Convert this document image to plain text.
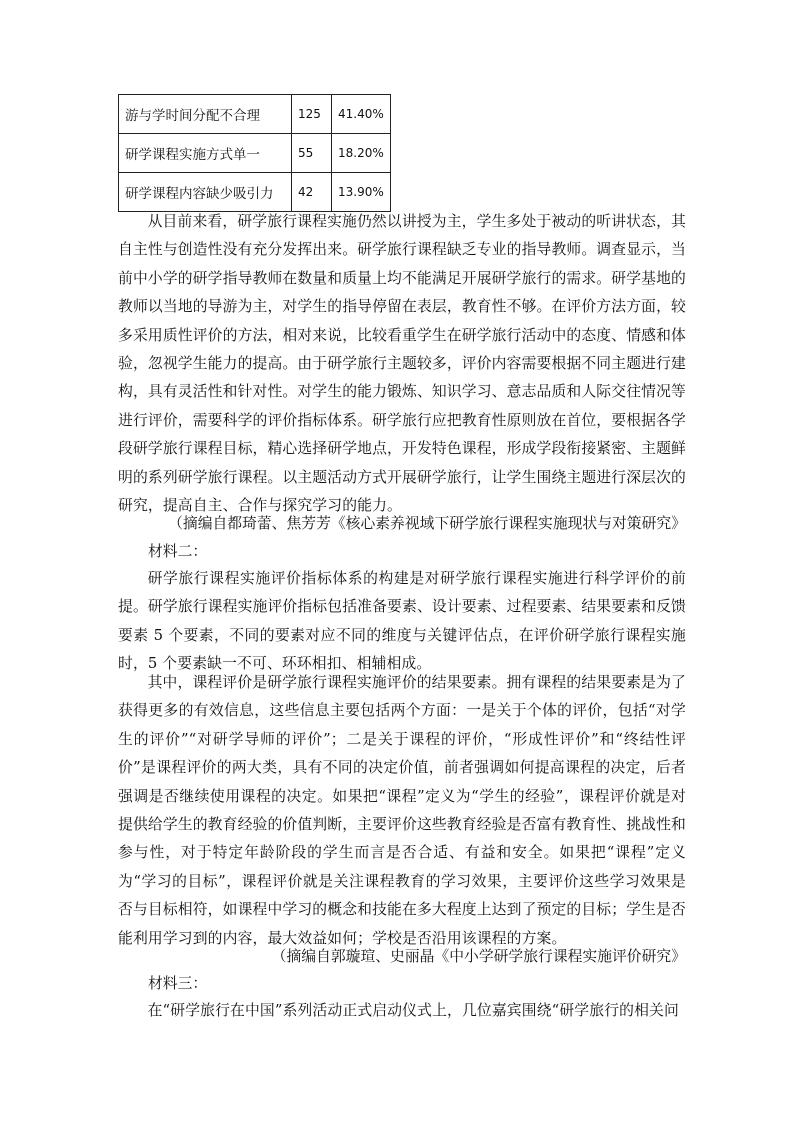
游与学时间分配不合理	125	41.40%
研学课程实施方式单一	55	18.20%
研学课程内容缺少吸引力	42	13.90%

从目前来看，研学旅行课程实施仍然以讲授为主，学生多处于被动的听讲状态，其自主性与创造性没有充分发挥出来。研学旅行课程缺乏专业的指导教师。调查显示，当前中小学的研学指导教师在数量和质量上均不能满足开展研学旅行的需求。研学基地的教师以当地的导游为主，对学生的指导停留在表层，教育性不够。在评价方法方面，较多采用质性评价的方法，相对来说，比较看重学生在研学旅行活动中的态度、情感和体验，忽视学生能力的提高。由于研学旅行主题较多，评价内容需要根据不同主题进行建构，具有灵活性和针对性。对学生的能力锻炼、知识学习、意志品质和人际交往情况等进行评价，需要科学的评价指标体系。研学旅行应把教育性原则放在首位，要根据各学段研学旅行课程目标，精心选择研学地点，开发特色课程，形成学段衔接紧密、主题鲜明的系列研学旅行课程。以主题活动方式开展研学旅行，让学生围绕主题进行深层次的研究，提高自主、合作与探究学习的能力。

（摘编自都琦蕾、焦芳芳《核心素养视域下研学旅行课程实施现状与对策研究》
材料二：

研学旅行课程实施评价指标体系的构建是对研学旅行课程实施进行科学评价的前提。研学旅行课程实施评价指标包括准备要素、设计要素、过程要素、结果要素和反馈要素 5 个要素，不同的要素对应不同的维度与关键评估点，在评价研学旅行课程实施时，5 个要素缺一不可、环环相扣、相辅相成。

其中，课程评价是研学旅行课程实施评价的结果要素。拥有课程的结果要素是为了获得更多的有效信息，这些信息主要包括两个方面：一是关于个体的评价，包括“对学生的评价”“对研学导师的评价”；二是关于课程的评价，“形成性评价”和“终结性评价”是课程评价的两大类，具有不同的决定价值，前者强调如何提高课程的决定，后者强调是否继续使用课程的决定。如果把“课程”定义为“学生的经验”，课程评价就是对提供给学生的教育经验的价值判断，主要评价这些教育经验是否富有教育性、挑战性和参与性，对于特定年龄阶段的学生而言是否合适、有益和安全。如果把“课程”定义为“学习的目标”，课程评价就是关注课程教育的学习效果，主要评价这些学习效果是否与目标相符，如课程中学习的概念和技能在多大程度上达到了预定的目标；学生是否能利用学习到的内容，最大效益如何；学校是否沿用该课程的方案。

（摘编自郭璇瑄、史丽晶《中小学研学旅行课程实施评价研究》
材料三：

在“研学旅行在中国”系列活动正式启动仪式上，几位嘉宾围绕“研学旅行的相关问
